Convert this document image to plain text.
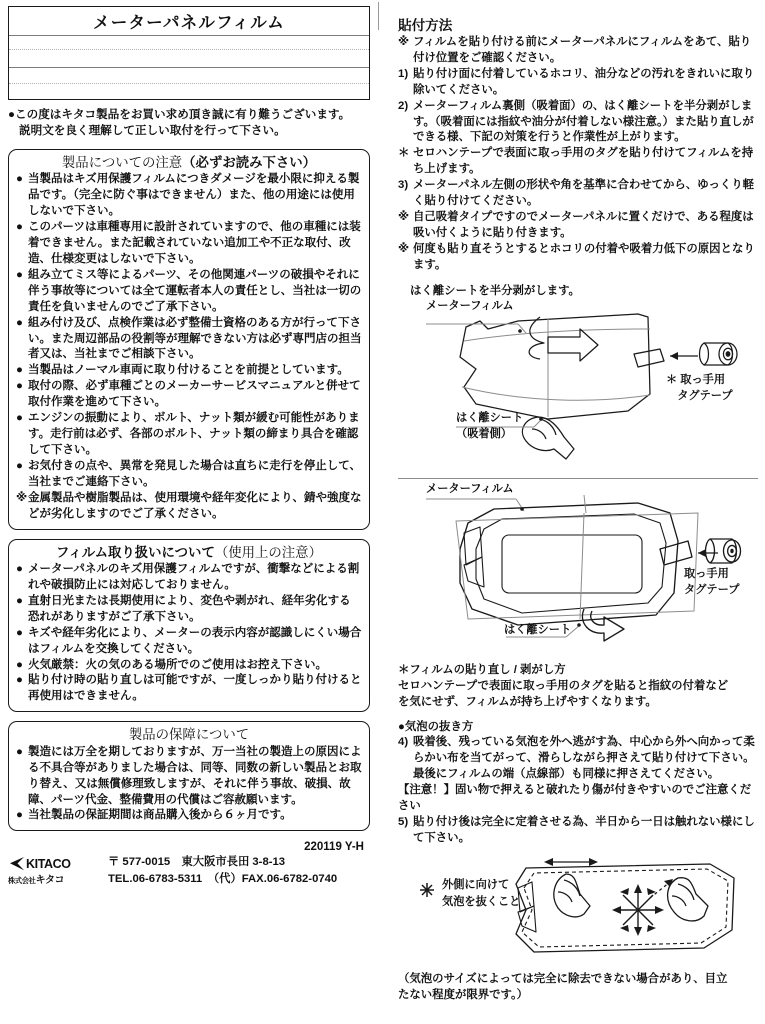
メーターパネルフィルム
●この度はキタコ製品をお買い求め頂き誠に有り難うございます。
説明文を良く理解して正しい取付を行って下さい。
製品についての注意（必ずお読み下さい）
● 当製品はキズ用保護フィルムにつきダメージを最小限に抑える製品です。（完全に防ぐ事はできません）また、他の用途には使用しないで下さい。
● このパーツは車種専用に設計されていますので、他の車種には装着できません。また記載されていない追加工や不正な取付、改造、仕様変更はしないで下さい。
● 組み立てミス等によるパーツ、その他関連パーツの破損やそれに伴う事故等については全て運転者本人の責任とし、当社は一切の責任を負いませんのでご了承下さい。
● 組み付け及び、点検作業は必ず整備士資格のある方が行って下さい。また周辺部品の役割等が理解できない方は必ず専門店の担当者又は、当社までご相談下さい。
● 当製品はノーマル車両に取り付けることを前提としています。
● 取付の際、必ず車種ごとのメーカーサービスマニュアルと併せて取付作業を進めて下さい。
● エンジンの振動により、ボルト、ナット類が緩む可能性があります。走行前は必ず、各部のボルト、ナット類の締まり具合を確認して下さい。
● お気付きの点や、異常を発見した場合は直ちに走行を停止して、当社までご連絡下さい。
※金属製品や樹脂製品は、使用環境や経年変化により、錆や強度などが劣化しますのでご了承ください。
フィルム取り扱いについて（使用上の注意）
● メーターパネルのキズ用保護フィルムですが、衝撃などによる割れや破損防止には対応しておりません。
● 直射日光または長期使用により、変色や剥がれ、経年劣化する恐れがありますがご了承下さい。
● キズや経年劣化により、メーターの表示内容が認識しにくい場合はフィルムを交換してください。
● 火気厳禁：火の気のある場所でのご使用はお控え下さい。
● 貼り付け時の貼り直しは可能ですが、一度しっかり貼り付けると再使用はできません。
製品の保障について
● 製造には万全を期しておりますが、万一当社の製造上の原因による不具合等がありました場合は、同等、同数の新しい製品とお取り替え、又は無償修理致しますが、それに伴う事故、破損、故障、パーツ代金、整備費用の代償はご容赦願います。
● 当社製品の保証期間は商品購入後から６ヶ月です。
220119 Y-H
KITACO
株式会社キタコ
〒 577-0015　東大阪市長田 3-8-13
TEL.06-6783-5311　（代）FAX.06-6782-0740
貼付方法
※ フィルムを貼り付ける前にメーターパネルにフィルムをあて、貼り付け位置をご確認ください。
1) 貼り付け面に付着しているホコリ、油分などの汚れをきれいに取り除いてください。
2) メーターフィルム裏側（吸着面）の、はく離シートを半分剥がします。（吸着面には指紋や油分が付着しない様注意。）また貼り直しができる様、下記の対策を行うと作業性が上がります。
＊ セロハンテープで表面に取っ手用のタグを貼り付けてフィルムを持ち上げます。
3) メーターパネル左側の形状や角を基準に合わせてから、ゆっくり軽く貼り付けてください。
※ 自己吸着タイプですのでメーターパネルに置くだけで、ある程度は吸い付くように貼り付きます。
※ 何度も貼り直そうとするとホコリの付着や吸着力低下の原因となります。
はく離シートを半分剥がします。
メーターフィルム
はく離シート
（吸着側）
＊ 取っ手用
　タグテープ
メーターフィルム
はく離シート
取っ手用
タグテープ
＊フィルムの貼り直し / 剥がし方
セロハンテープで表面に取っ手用のタグを貼ると指紋の付着など
を気にせず、フィルムが持ち上げやすくなります。
●気泡の抜き方
4) 吸着後、残っている気泡を外へ逃がす為、中心から外へ向かって柔らかい布を当てがって、滑らしながら押さえて貼り付けて下さい。最後にフィルムの端（点線部）も同様に押さえてください。
【注意！】固い物で押えると破れたり傷が付きやすいのでご注意ください
5) 貼り付け後は完全に定着させる為、半日から一日は触れない様にして下さい。
外側に向けて
気泡を抜くこと
（気泡のサイズによっては完全に除去できない場合があり、目立
たない程度が限界です。）
